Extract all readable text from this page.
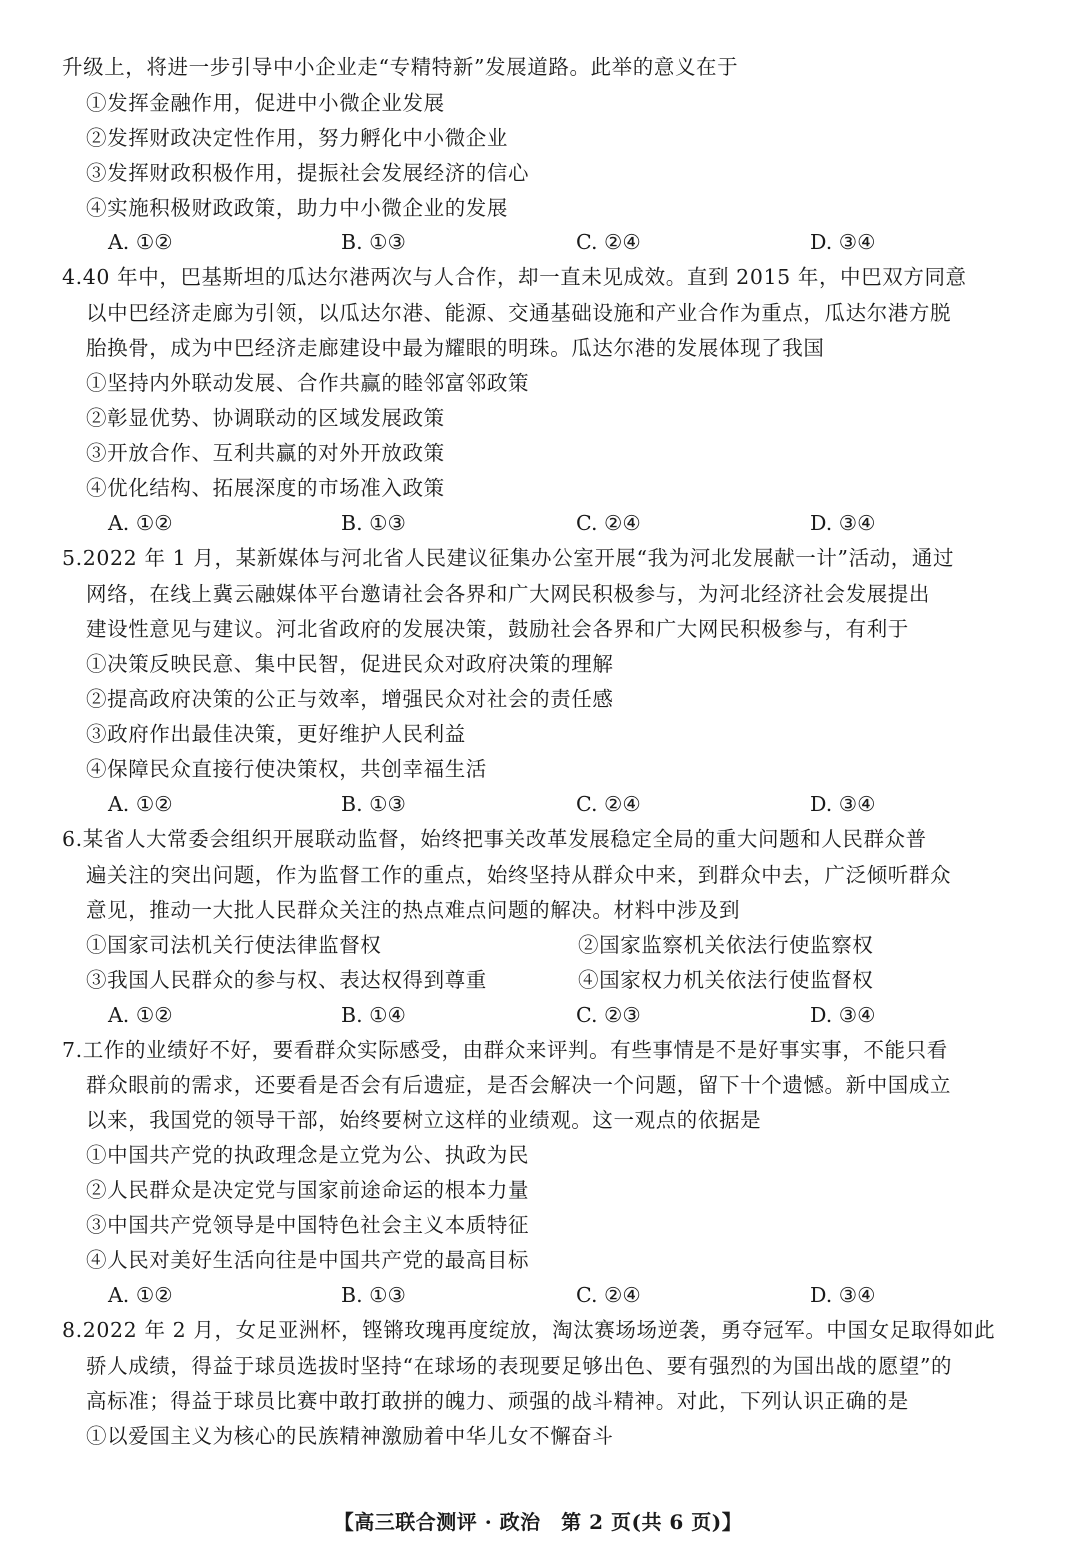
升级上，将进一步引导中小企业走“专精特新”发展道路。此举的意义在于
①发挥金融作用，促进中小微企业发展
②发挥财政决定性作用，努力孵化中小微企业
③发挥财政积极作用，提振社会发展经济的信心
④实施积极财政政策，助力中小微企业的发展
A. ①②	B. ①③	C. ②④	D. ③④
4.40 年中，巴基斯坦的瓜达尔港两次与人合作，却一直未见成效。直到 2015 年，中巴双方同意
以中巴经济走廊为引领，以瓜达尔港、能源、交通基础设施和产业合作为重点，瓜达尔港方脱
胎换骨，成为中巴经济走廊建设中最为耀眼的明珠。瓜达尔港的发展体现了我国
①坚持内外联动发展、合作共赢的睦邻富邻政策
②彰显优势、协调联动的区域发展政策
③开放合作、互利共赢的对外开放政策
④优化结构、拓展深度的市场准入政策
A. ①②	B. ①③	C. ②④	D. ③④
5.2022 年 1 月，某新媒体与河北省人民建议征集办公室开展“我为河北发展献一计”活动，通过
网络，在线上冀云融媒体平台邀请社会各界和广大网民积极参与，为河北经济社会发展提出
建设性意见与建议。河北省政府的发展决策，鼓励社会各界和广大网民积极参与，有利于
①决策反映民意、集中民智，促进民众对政府决策的理解
②提高政府决策的公正与效率，增强民众对社会的责任感
③政府作出最佳决策，更好维护人民利益
④保障民众直接行使决策权，共创幸福生活
A. ①②	B. ①③	C. ②④	D. ③④
6.某省人大常委会组织开展联动监督，始终把事关改革发展稳定全局的重大问题和人民群众普
遍关注的突出问题，作为监督工作的重点，始终坚持从群众中来，到群众中去，广泛倾听群众
意见，推动一大批人民群众关注的热点难点问题的解决。材料中涉及到
①国家司法机关行使法律监督权	②国家监察机关依法行使监察权
③我国人民群众的参与权、表达权得到尊重	④国家权力机关依法行使监督权
A. ①②	B. ①④	C. ②③	D. ③④
7.工作的业绩好不好，要看群众实际感受，由群众来评判。有些事情是不是好事实事，不能只看
群众眼前的需求，还要看是否会有后遗症，是否会解决一个问题，留下十个遗憾。新中国成立
以来，我国党的领导干部，始终要树立这样的业绩观。这一观点的依据是
①中国共产党的执政理念是立党为公、执政为民
②人民群众是决定党与国家前途命运的根本力量
③中国共产党领导是中国特色社会主义本质特征
④人民对美好生活向往是中国共产党的最高目标
A. ①②	B. ①③	C. ②④	D. ③④
8.2022 年 2 月，女足亚洲杯，铿锵玫瑰再度绽放，淘汰赛场场逆袭，勇夺冠军。中国女足取得如此
骄人成绩，得益于球员选拔时坚持“在球场的表现要足够出色、要有强烈的为国出战的愿望”的
高标准；得益于球员比赛中敢打敢拼的魄力、顽强的战斗精神。对此，下列认识正确的是
①以爱国主义为核心的民族精神激励着中华儿女不懈奋斗
【高三联合测评 · 政治　第 2 页(共 6 页)】
